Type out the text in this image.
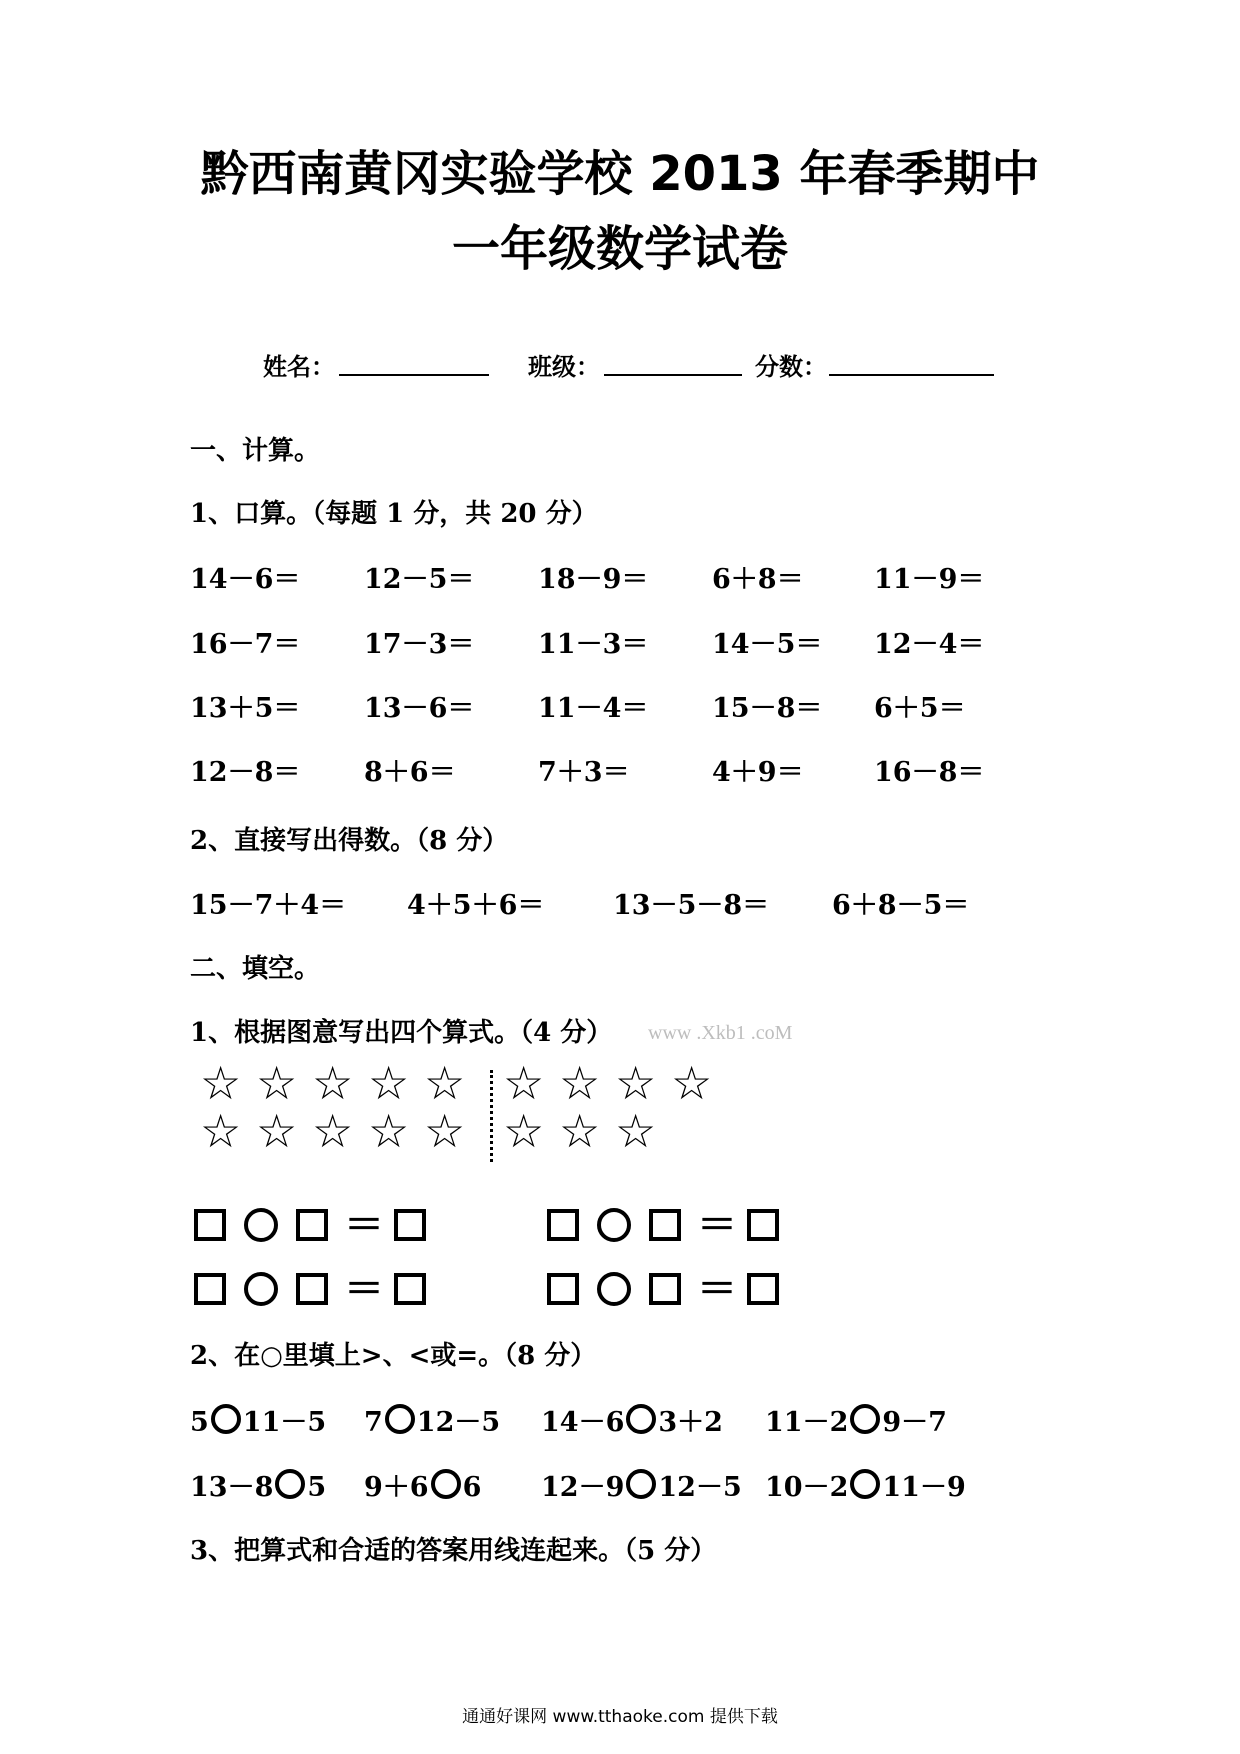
黔西南黄冈实验学校 2013 年春季期中
一年级数学试卷
姓名：	班级：	分数：
一、计算。
1、口算。（每题 1 分，共 20 分）
14－6＝ 12－5＝ 18－9＝ 6＋8＝	11－9＝
16－7＝ 17－3＝ 11－3＝ 14－5＝ 12－4＝
13＋5＝ 13－6＝ 11－4＝ 15－8＝ 6＋5＝
12－8＝ 8＋6＝	7＋3＝	4＋9＝	16－8＝
2、直接写出得数。（8 分）
15－7＋4＝ 4＋5＋6＝	13－5－8＝ 6＋8－5＝
二、填空。
1、根据图意写出四个算式。（4 分） www .Xkb1 .coM
☆ ☆ ☆ ☆ ☆ ☆ ☆ ☆ ☆
☆ ☆ ☆ ☆ ☆ ☆ ☆ ☆
＝	＝
＝	＝
2、在○里填上>、<或=。（8 分）
5 11－5 7 12－5 14－6 3＋2 11－2 9－7
13－8 5 9＋6 6 12－9 12－5 10－2 11－9
3、把算式和合适的答案用线连起来。（5 分）
通通好课网 www.tthaoke.com 提供下载
